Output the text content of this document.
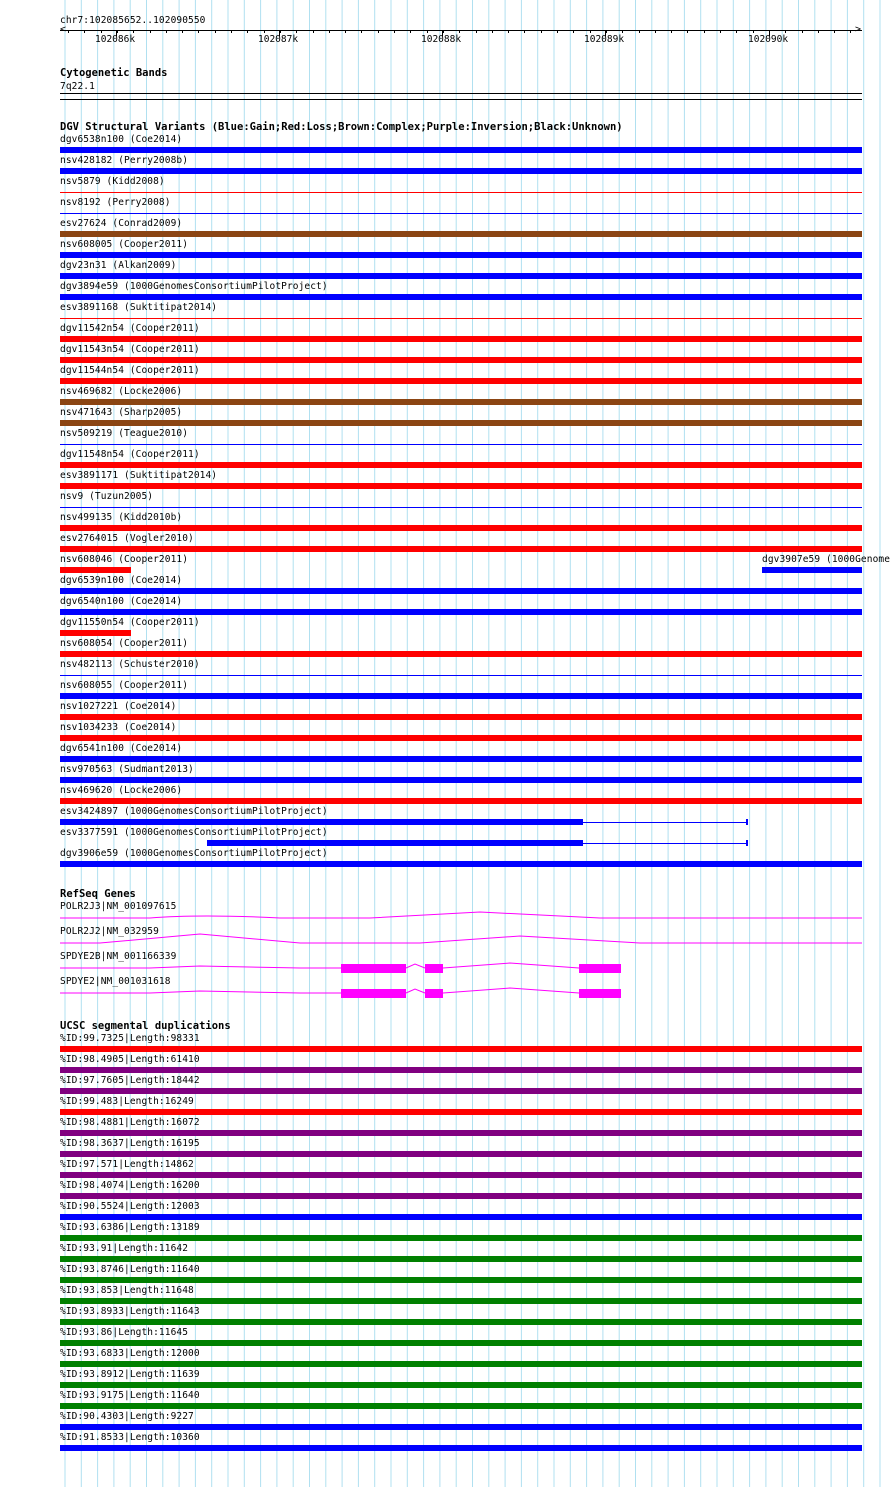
chr7:102085652..102090550
<	>
102086k	102087k	102088k	102089k	102090k
Cytogenetic Bands
7q22.1
DGV Structural Variants (Blue:Gain;Red:Loss;Brown:Complex;Purple:Inversion;Black:Unknown)
dgv6538n100 (Coe2014)
nsv428182 (Perry2008b)
nsv5879 (Kidd2008)
nsv8192 (Perry2008)
esv27624 (Conrad2009)
nsv608005 (Cooper2011)
dgv23n31 (Alkan2009)
dgv3894e59 (1000GenomesConsortiumPilotProject)
esv3891168 (Suktitipat2014)
dgv11542n54 (Cooper2011)
dgv11543n54 (Cooper2011)
dgv11544n54 (Cooper2011)
nsv469682 (Locke2006)
nsv471643 (Sharp2005)
nsv509219 (Teague2010)
dgv11548n54 (Cooper2011)
esv3891171 (Suktitipat2014)
nsv9 (Tuzun2005)
nsv499135 (Kidd2010b)
esv2764015 (Vogler2010)
nsv608046 (Cooper2011)	dgv3907e59 (1000Genome
dgv6539n100 (Coe2014)
dgv6540n100 (Coe2014)
dgv11550n54 (Cooper2011)
nsv608054 (Cooper2011)
nsv482113 (Schuster2010)
nsv608055 (Cooper2011)
nsv1027221 (Coe2014)
nsv1034233 (Coe2014)
dgv6541n100 (Coe2014)
nsv970563 (Sudmant2013)
nsv469620 (Locke2006)
esv3424897 (1000GenomesConsortiumPilotProject)
esv3377591 (1000GenomesConsortiumPilotProject)
dgv3906e59 (1000GenomesConsortiumPilotProject)
RefSeq Genes
POLR2J3|NM_001097615
POLR2J2|NM_032959
SPDYE2B|NM_001166339
SPDYE2|NM_001031618
UCSC segmental duplications
%ID:99.7325|Length:98331
%ID:98.4905|Length:61410
%ID:97.7605|Length:18442
%ID:99.483|Length:16249
%ID:98.4881|Length:16072
%ID:98.3637|Length:16195
%ID:97.571|Length:14862
%ID:98.4074|Length:16200
%ID:90.5524|Length:12003
%ID:93.6386|Length:13189
%ID:93.91|Length:11642
%ID:93.8746|Length:11640
%ID:93.853|Length:11648
%ID:93.8933|Length:11643
%ID:93.86|Length:11645
%ID:93.6833|Length:12000
%ID:93.8912|Length:11639
%ID:93.9175|Length:11640
%ID:90.4303|Length:9227
%ID:91.8533|Length:10360
